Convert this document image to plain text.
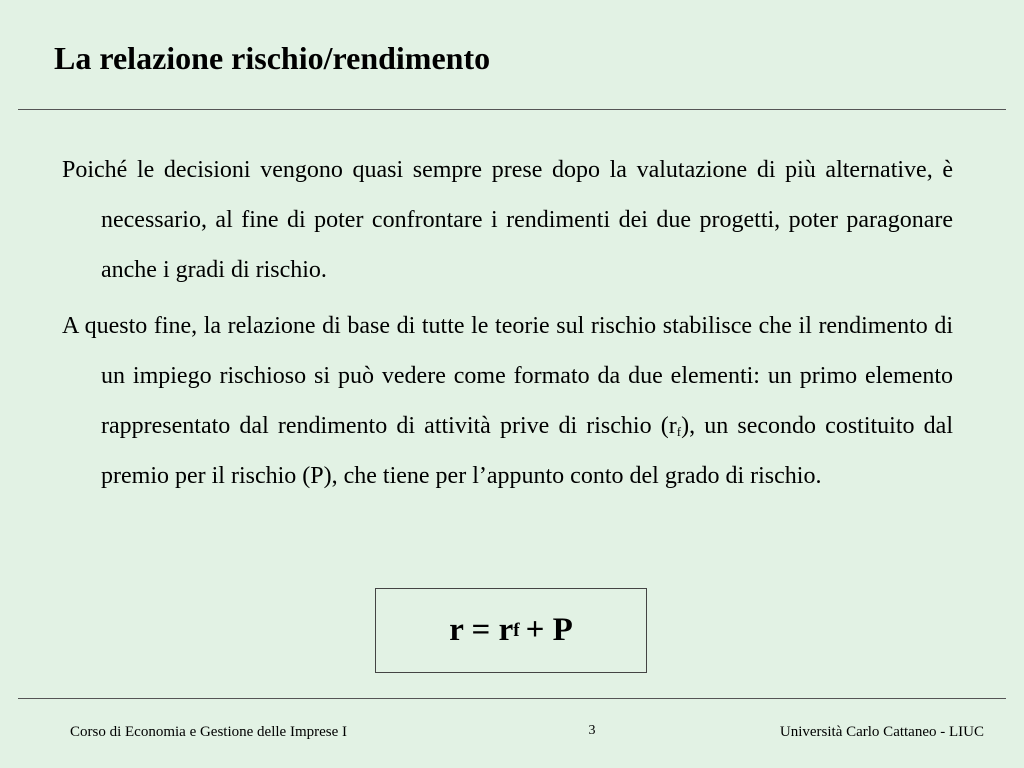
La relazione rischio/rendimento

Poiché le decisioni vengono quasi sempre prese dopo la valutazione di più alternative, è necessario, al fine di poter confrontare i rendimenti dei due progetti, poter paragonare anche i gradi di rischio.

A questo fine, la relazione di base di tutte le teorie sul rischio stabilisce che il rendimento di un impiego rischioso si può vedere come formato da due elementi: un primo elemento rappresentato dal rendimento di attività prive di rischio $(r_f)$, un secondo costituito dal premio per il rischio (P), che tiene per l’appunto conto del grado di rischio.

r = r f + P
Corso di Economia e Gestione delle Imprese I	3	Università Carlo Cattaneo - LIUC
